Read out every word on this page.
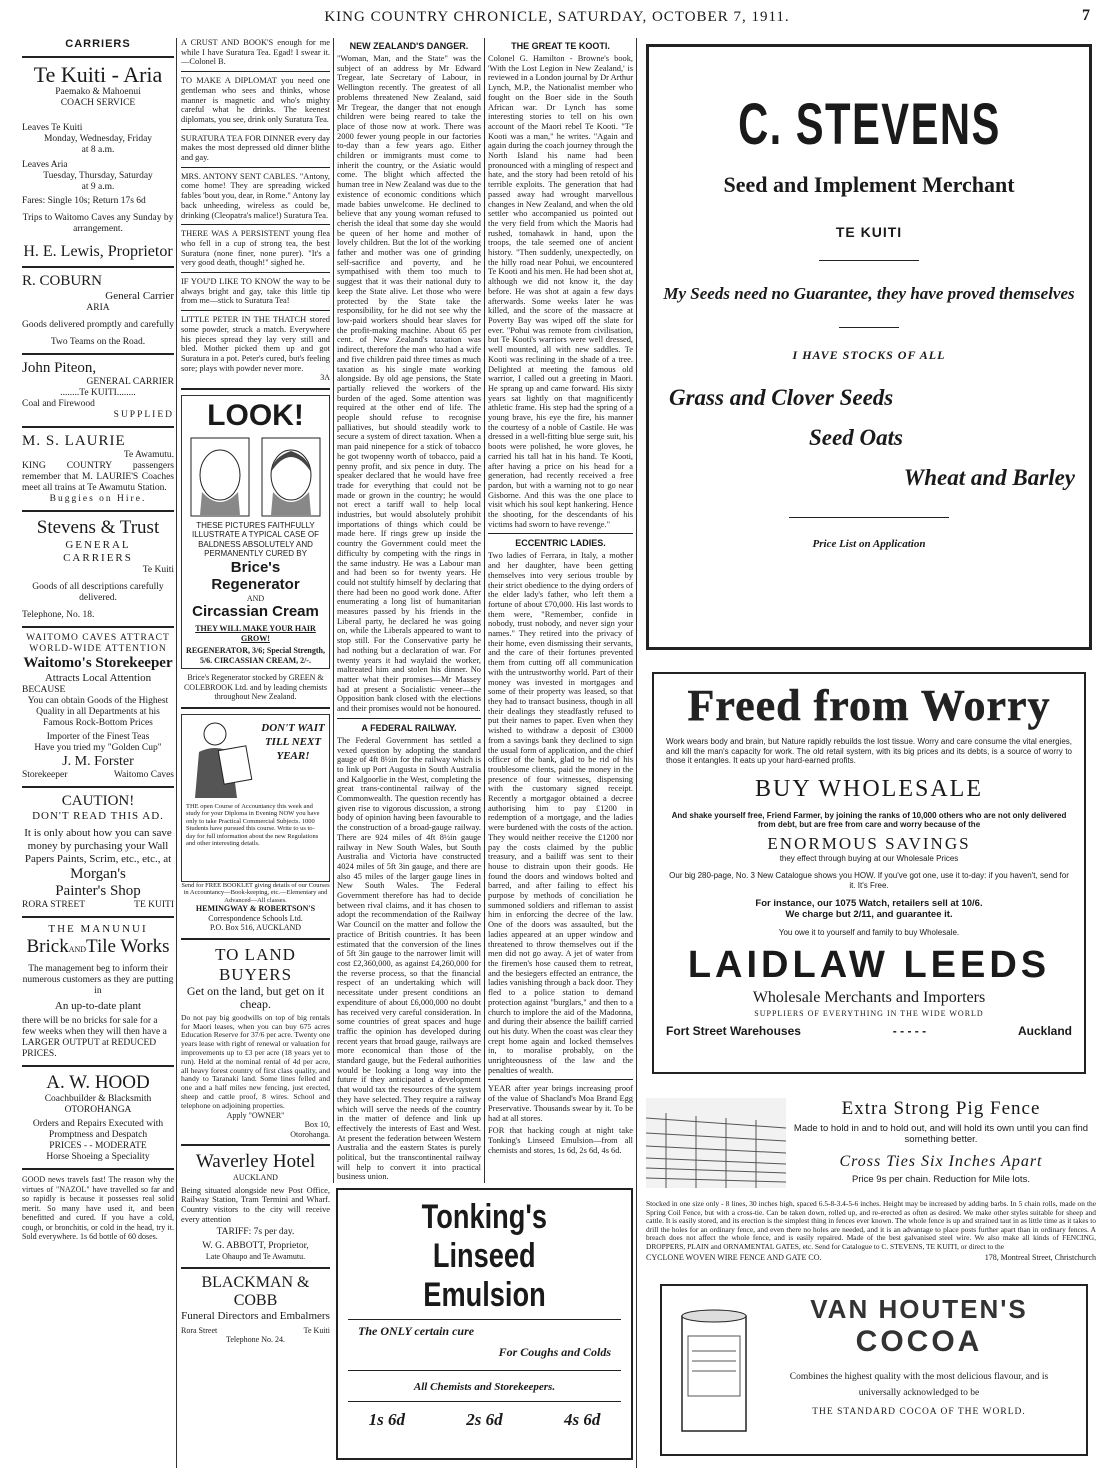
KING COUNTRY CHRONICLE, SATURDAY, OCTOBER 7, 1911.	7
CARRIERS
Te Kuiti - Aria
Paemako & Mahoenui
COACH SERVICE
Leaves Te Kuiti
Monday, Wednesday, Friday
at 8 a.m.
Leaves Aria
Tuesday, Thursday, Saturday
at 9 a.m.
Fares: Single 10s; Return 17s 6d
Trips to Waitomo Caves any Sunday by arrangement.
H. E. Lewis, Proprietor
R. COBURN
General Carrier
ARIA
Goods delivered promptly and carefully
Two Teams on the Road.
John Piteon,
GENERAL CARRIER
........Te KUITI........
Coal and Firewood
SUPPLIED
M. S. LAURIE
Te Awamutu.
KING COUNTRY passengers remember that M. LAURIE'S Coaches meet all trains at Te Awamutu Station.
Buggies on Hire.
Stevens & Trust
GENERAL
CARRIERS
Te Kuiti
Goods of all descriptions carefully delivered.
Telephone, No. 18.
WAITOMO CAVES ATTRACT WORLD-WIDE ATTENTION
Waitomo's Storekeeper
Attracts Local Attention
BECAUSE
You can obtain Goods of the Highest Quality in all Departments at his Famous Rock-Bottom Prices
Importer of the Finest Teas
Have you tried my "Golden Cup"
J. M. Forster
Storekeeper	Waitomo Caves
CAUTION!
DON'T READ THIS AD.
It is only about how you can save money by purchasing your Wall Papers Paints, Scrim, etc., etc., at
Morgan's
Painter's Shop
RORA STREET	TE KUITI
THE MANUNUI
BrickANDTile Works
The management beg to inform their numerous customers as they are putting in
An up-to-date plant
there will be no bricks for sale for a few weeks when they will then have a LARGER OUTPUT at REDUCED PRICES.
A. W. HOOD
Coachbuilder & Blacksmith
OTOROHANGA
Orders and Repairs Executed with Promptness and Despatch
PRICES - - MODERATE
Horse Shoeing a Speciality
GOOD news travels fast! The reason why the virtues of "NAZOL" have travelled so far and so rapidly is because it possesses real solid merit. So many have used it, and been benefitted and cured. If you have a cold, cough, or bronchitis, or cold in the head, try it. Sold everywhere. 1s 6d bottle of 60 doses.

A CRUST AND BOOK'S enough for me while I have Suratura Tea. Egad! I swear it.—Colonel B.

TO MAKE A DIPLOMAT you need one gentleman who sees and thinks, whose manner is magnetic and who's mighty careful what he drinks. The keenest diplomats, you see, drink only Suratura Tea.

SURATURA TEA FOR DINNER every day makes the most depressed old dinner blithe and gay.

MRS. ANTONY SENT CABLES. "Antony, come home! They are spreading wicked fables 'bout you, dear, in Rome." Antony lay back unheeding, wireless as could be, drinking (Cleopatra's malice!) Suratura Tea.

THERE WAS A PERSISTENT young flea who fell in a cup of strong tea, the best Suratura (none finer, none purer). "It's a very good death, though!" sighed he.

IF YOU'D LIKE TO KNOW the way to be always bright and gay, take this little tip from me—stick to Suratura Tea!

LITTLE PETER IN THE THATCH stored some powder, struck a match. Everywhere his pieces spread they lay very still and bled. Mother picked them up and got Suratura in a pot. Peter's cured, but's feeling sore; plays with powder never more.

3A
LOOK!
THESE PICTURES FAITHFULLY ILLUSTRATE A TYPICAL CASE OF BALDNESS ABSOLUTELY AND PERMANENTLY CURED BY
Brice's Regenerator
AND
Circassian Cream
THEY WILL MAKE YOUR HAIR GROW!
REGENERATOR, 3/6; Special Strength, 5/6. CIRCASSIAN CREAM, 2/-.
Brice's Regenerator stocked by GREEN & COLEBROOK Ltd. and by leading chemists throughout New Zealand.
DON'T WAIT TILL NEXT YEAR!
THE open Course of Accountancy this week and study for your Diploma in Evening NOW you have only to take Practical Commercial Subjects. 1000 Students have pursued this course. Write to us to-day for full information about the new Regulations and other interesting details.
Send for FREE BOOKLET giving details of our Courses in Accountancy—Book-keeping, etc.—Elementary and Advanced—All classes.
HEMINGWAY & ROBERTSON'S
Correspondence Schools Ltd.
P.O. Box 516, AUCKLAND
TO LAND BUYERS
Get on the land, but get on it cheap.

Do not pay big goodwills on top of big rentals for Maori leases, when you can buy 675 acres Education Reserve for 37/6 per acre. Twenty one years lease with right of renewal or valuation for improvements up to £3 per acre (18 years yet to run). Held at the nominal rental of 4d per acre, all heavy forest country of first class quality, and handy to Taranaki land. Some lines felled and one and a half miles new fencing, just erected, sheep and cattle proof, 8 wires. School and telephone on adjoining properties.

Apply "OWNER"
Box 10,
Otorohanga.
Waverley Hotel
AUCKLAND

Being situated alongside new Post Office, Railway Station, Tram Termini and Wharf. Country visitors to the city will receive every attention

TARIFF: 7s per day.
W. G. ABBOTT, Proprietor,
Late Ohaupo and Te Awamutu.
BLACKMAN & COBB
Funeral Directors and Embalmers
Rora Street	Te Kuiti
Telephone No. 24.
NEW ZEALAND'S DANGER.

"Woman, Man, and the State" was the subject of an address by Mr Edward Tregear, late Secretary of Labour, in Wellington recently. The greatest of all problems threatened New Zealand, said Mr Tregear, the danger that not enough children were being reared to take the place of those now at work. There was 2000 fewer young people in our factories to-day than a few years ago. Either children or immigrants must come to inherit the country, or the Asiatic would come. The blight which affected the human tree in New Zealand was due to the existence of economic conditions which made babies unwelcome. He declined to believe that any young woman refused to cherish the ideal that some day she would be queen of her home and mother of lovely children. But the lot of the working father and mother was one of grinding self-sacrifice and poverty, and he sympathised with them too much to suggest that it was their national duty to keep the State alive. Let those who were protected by the State take the responsibility, for he did not see why the low-paid workers should bear slaves for the profit-making machine. About 65 per cent. of New Zealand's taxation was indirect, therefore the man who had a wife and five children paid three times as much taxation as his single mate working alongside. By old age pensions, the State partially relieved the workers of the burden of the aged. Some attention was required at the other end of life. The people should refuse to recognise palliatives, but should steadily work to secure a system of direct taxation. When a man paid ninepence for a stick of tobacco he got twopenny worth of tobacco, paid a penny profit, and six pence in duty. The speaker declared that he would have free trade for everything that could not be made or grown in the country; he would not erect a tariff wall to help local industries, but would absolutely prohibit importations of things which could be made here. If rings grew up inside the country the Government could meet the difficulty by competing with the rings in the same industry. He was a Labour man and had been so for twenty years. He could not stultify himself by declaring that there had been no good work done. After enumerating a long list of humanitarian measures passed by his friends in the Liberal party, he declared he was going on, while the Liberals appeared to want to stop still. For the Conservative party he had nothing but a declaration of war. For twenty years it had waylaid the worker, maltreated him and stolen his dinner. No matter what their promises—Mr Massey had at present a Socialistic veneer—the Opposition bank closed with the elections and their promises would not be honoured.

A FEDERAL RAILWAY.

The Federal Government has settled a vexed question by adopting the standard gauge of 4ft 8½in for the railway which is to link up Port Augusta in South Australia and Kalgoorlie in the West, completing the great trans-continental railway of the Commonwealth. The question recently has given rise to vigorous discussion, a strong body of opinion having been favourable to the construction of a broad-gauge railway. There are 924 miles of 4ft 8½in gauge railway in New South Wales, but South Australia and Victoria have constructed 4024 miles of 5ft 3in gauge, and there are also 45 miles of the larger gauge lines in New South Wales. The Federal Government therefore has had to decide between rival claims, and it has chosen to adopt the recommendation of the Railway War Council on the matter and follow the practice of British countries. It has been estimated that the conversion of the lines of 5ft 3in gauge to the narrower limit will cost £2,360,000, as against £4,260,000 for the reverse process, so that the financial respect of an undertaking which will necessitate under present conditions an expenditure of about £6,000,000 no doubt has received very careful consideration. In some countries of great spaces and huge traffic the opinion has developed during recent years that broad gauge, railways are more economical than those of the standard gauge, but the Federal authorities would be looking a long way into the future if they anticipated a development that would tax the resources of the system they have selected. They require a railway which will serve the needs of the country in the matter of defence and link up effectively the interests of East and West. At present the federation between Western Australia and the eastern States is purely political, but the transcontinental railway will help to convert it into practical business union.

THE GREAT TE KOOTI.

Colonel G. Hamilton - Browne's book, 'With the Lost Legion in New Zealand,' is reviewed in a London journal by Dr Arthur Lynch, M.P., the Nationalist member who fought on the Boer side in the South African war. Dr Lynch has some interesting stories to tell on his own account of the Maori rebel Te Kooti. "Te Kooti was a man," he writes. "Again and again during the coach journey through the North Island his name had been pronounced with a mingling of respect and hate, and the story had been retold of his terrible exploits. The generation that had passed away had wrought marvellous changes in New Zealand, and when the old settler who accompanied us pointed out the very field from which the Maoris had rushed, tomahawk in hand, upon the troops, the tale seemed one of ancient history. "Then suddenly, unexpectedly, on the hilly road near Pohui, we encountered Te Kooti and his men. He had been shot at, although we did not know it, the day before. He was shot at again a few days afterwards. Some weeks later he was killed, and the score of the massacre at Poverty Bay was wiped off the slate for ever. "Pohui was remote from civilisation, but Te Kooti's warriors were well dressed, well mounted, all with new saddles. Te Kooti was reclining in the shade of a tree. Delighted at meeting the famous old warrior, I called out a greeting in Maori. He sprang up and came forward. His sixty years sat lightly on that magnificently athletic frame. His step had the spring of a young brave, his eye the fire, his manner the courtesy of a noble of Castile. He was dressed in a well-fitting blue serge suit, his boots were polished, he wore gloves, he carried his tall hat in his hand. Te Kooti, after having a price on his head for a generation, had recently received a free pardon, but with a warning not to go near Gisborne. And this was the one place to visit which his soul kept hankering. Hence the shooting, for the descendants of his victims had sworn to have revenge."

ECCENTRIC LADIES.

Two ladies of Ferrara, in Italy, a mother and her daughter, have been getting themselves into very serious trouble by their strict obedience to the dying orders of the elder lady's father, who left them a fortune of about £70,000. His last words to them were, "Remember, confide in nobody, trust nobody, and never sign your names." They retired into the privacy of their home, even dismissing their servants, and the care of their fortunes prevented them from cutting off all communication with the untrustworthy world. Part of their money was invested in mortgages and some of their property was leased, so that they had to transact business, though in all their dealings they steadfastly refused to put their names to paper. Even when they wished to withdraw a deposit of £3000 from a savings bank they declined to sign the usual form of application, and the chief officer of the bank, glad to be rid of his troublesome clients, paid the money in the presence of four witnesses, dispensing with the customary signed receipt. Recently a mortgagor obtained a decree authorising him to pay £1200 in redemption of a mortgage, and the ladies were burdened with the costs of the action. They would neither receive the £1200 nor pay the costs claimed by the public treasury, and a bailiff was sent to their house to distrain upon their goods. He found the doors and windows bolted and barred, and after failing to effect his purpose by methods of conciliation he summoned soldiers and rifleman to assist him in enforcing the decree of the law. One of the doors was assaulted, but the ladies appeared at an upper window and threatened to throw themselves out if the men did not go away. A jet of water from the firemen's hose caused them to retreat, and the besiegers effected an entrance, the ladies vanishing through a back door. They fled to a police station to demand protection against "burglars," and then to a church to implore the aid of the Madonna, and during their absence the bailiff carried out his duty. When the coast was clear they crept home again and locked themselves in, to moralise probably, on the unrighteousness of the law and the penalties of wealth.

YEAR after year brings increasing proof of the value of Shacland's Moa Brand Egg Preservative. Thousands swear by it. To be had at all stores.

FOR that hacking cough at night take Tonking's Linseed Emulsion—from all chemists and stores, 1s 6d, 2s 6d, 4s 6d.

Tonking's
Linseed
Emulsion
The ONLY certain cure
For Coughs and Colds
All Chemists and Storekeepers.
1s 6d	2s 6d	4s 6d
C. STEVENS
Seed and Implement Merchant
TE KUITI
My Seeds need no Guarantee, they have proved themselves
I HAVE STOCKS OF ALL
Grass and Clover Seeds
Seed Oats
Wheat and Barley
Price List on Application
Freed from Worry
Work wears body and brain, but Nature rapidly rebuilds the lost tissue. Worry and care consume the vital energies, and kill the man's capacity for work. The old retail system, with its big prices and its debts, is a source of worry to those it entangles. It eats up your hard-earned profits.
BUY WHOLESALE
And shake yourself free, Friend Farmer, by joining the ranks of 10,000 others who are not only delivered from debt, but are free from care and worry because of the
ENORMOUS SAVINGS
they effect through buying at our Wholesale Prices
Our big 280-page, No. 3 New Catalogue shows you HOW. If you've got one, use it to-day: if you haven't, send for it. It's Free.
For instance, our 1075 Watch, retailers sell at 10/6.
We charge but 2/11, and guarantee it.
You owe it to yourself and family to buy Wholesale.
LAIDLAW LEEDS
Wholesale Merchants and Importers
SUPPLIERS OF EVERYTHING IN THE WIDE WORLD
Fort Street Warehouses	- - - - -	Auckland
Extra Strong Pig Fence
Made to hold in and to hold out, and will hold its own until you can find something better.
Cross Ties Six Inches Apart
Price 9s per chain. Reduction for Mile lots.
Stocked in one size only - 8 lines, 30 inches high, spaced 6.5-8-3.4-5-6 inches. Height may be increased by adding barbs. In 5 chain rolls, made on the Spring Coil Fence, but with a cross-tie. Can be taken down, rolled up, and re-erected as often as desired. We make other styles suitable for sheep and cattle. It is easily stored, and its erection is the simplest thing in fences ever known. The whole fence is up and strained taut in as little time as it takes to drill the holes for an ordinary fence, and even there no holes are needed, and it is an advantage to place posts further apart than in ordinary fences. A breach does not affect the whole fence, and is easily repaired. Made of the best galvanised steel wire. We also make all kinds of FENCING, DROPPERS, PLAIN and ORNAMENTAL GATES, etc. Send for Catalogue to C. STEVENS, TE KUITI, or direct to the
CYCLONE WOVEN WIRE FENCE AND GATE CO.	178, Montreal Street, Christchurch
VAN HOUTEN'S
COCOA
Combines the highest quality with the most delicious flavour, and is universally acknowledged to be
THE STANDARD COCOA OF THE WORLD.
